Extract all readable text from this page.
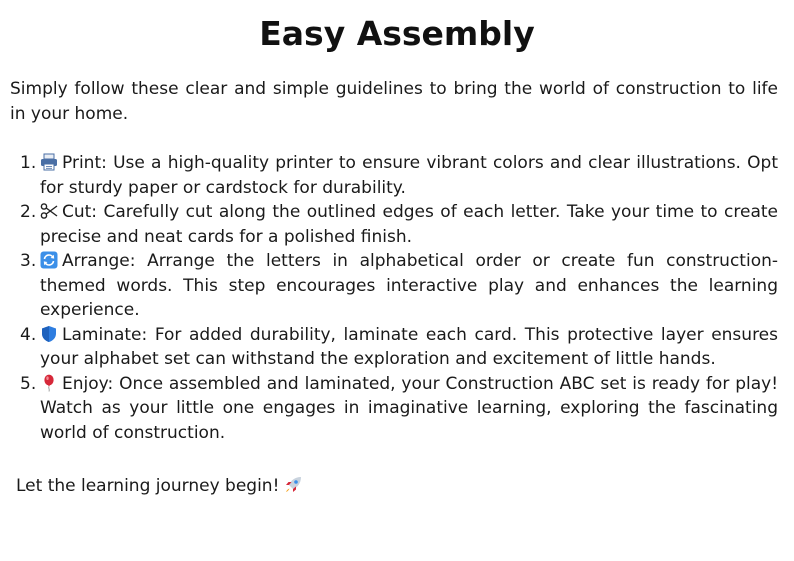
Easy Assembly

Simply follow these clear and simple guidelines to bring the world of construction to life in your home.

1. Print: Use a high-quality printer to ensure vibrant colors and clear illustrations. Opt for sturdy paper or cardstock for durability.
2. Cut: Carefully cut along the outlined edges of each letter. Take your time to create precise and neat cards for a polished finish.
3. Arrange: Arrange the letters in alphabetical order or create fun construction-themed words. This step encourages interactive play and enhances the learning experience.
4. Laminate: For added durability, laminate each card. This protective layer ensures your alphabet set can withstand the exploration and excitement of little hands.
5. Enjoy: Once assembled and laminated, your Construction ABC set is ready for play! Watch as your little one engages in imaginative learning, exploring the fascinating world of construction.

Let the learning journey begin!
